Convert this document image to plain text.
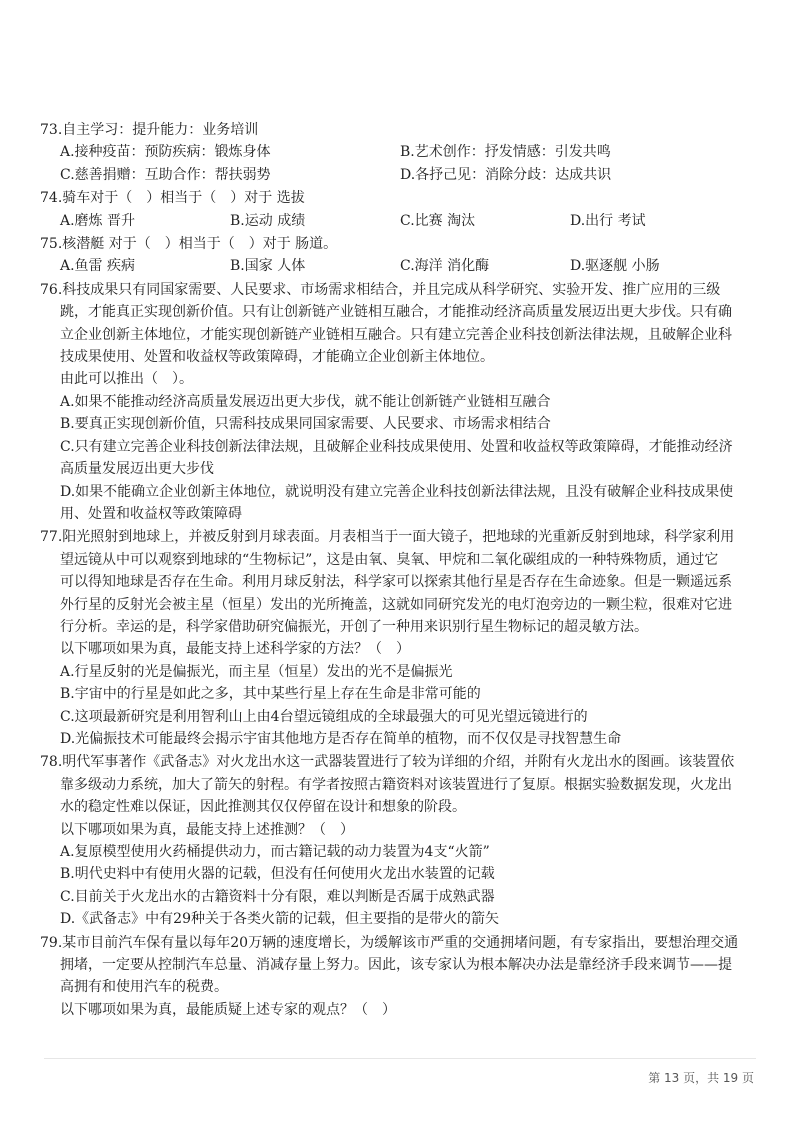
73.自主学习：提升能力：业务培训
A.接种疫苗：预防疾病：锻炼身体	B.艺术创作：抒发情感：引发共鸣
C.慈善捐赠：互助合作：帮扶弱势	D.各抒己见：消除分歧：达成共识
74.骑车对于（　）相当于（　）对于 选拔
A.磨炼 晋升	B.运动 成绩	C.比赛 淘汰	D.出行 考试
75.核潜艇 对于（　）相当于（　）对于 肠道。
A.鱼雷 疾病	B.国家 人体	C.海洋 消化酶	D.驱逐舰 小肠
76.科技成果只有同国家需要、人民要求、市场需求相结合，并且完成从科学研究、实验开发、推广应用的三级
跳，才能真正实现创新价值。只有让创新链产业链相互融合，才能推动经济高质量发展迈出更大步伐。只有确
立企业创新主体地位，才能实现创新链产业链相互融合。只有建立完善企业科技创新法律法规，且破解企业科
技成果使用、处置和收益权等政策障碍，才能确立企业创新主体地位。
由此可以推出（　）。
A.如果不能推动经济高质量发展迈出更大步伐，就不能让创新链产业链相互融合
B.要真正实现创新价值，只需科技成果同国家需要、人民要求、市场需求相结合
C.只有建立完善企业科技创新法律法规，且破解企业科技成果使用、处置和收益权等政策障碍，才能推动经济
高质量发展迈出更大步伐
D.如果不能确立企业创新主体地位，就说明没有建立完善企业科技创新法律法规，且没有破解企业科技成果使
用、处置和收益权等政策障碍
77.阳光照射到地球上，并被反射到月球表面。月表相当于一面大镜子，把地球的光重新反射到地球，科学家利用
望远镜从中可以观察到地球的“生物标记”，这是由氧、臭氧、甲烷和二氧化碳组成的一种特殊物质，通过它
可以得知地球是否存在生命。利用月球反射法，科学家可以探索其他行星是否存在生命迹象。但是一颗遥远系
外行星的反射光会被主星（恒星）发出的光所掩盖，这就如同研究发光的电灯泡旁边的一颗尘粒，很难对它进
行分析。幸运的是，科学家借助研究偏振光，开创了一种用来识别行星生物标记的超灵敏方法。
以下哪项如果为真，最能支持上述科学家的方法？（　）
A.行星反射的光是偏振光，而主星（恒星）发出的光不是偏振光
B.宇宙中的行星是如此之多，其中某些行星上存在生命是非常可能的
C.这项最新研究是利用智利山上由4台望远镜组成的全球最强大的可见光望远镜进行的
D.光偏振技术可能最终会揭示宇宙其他地方是否存在简单的植物，而不仅仅是寻找智慧生命
78.明代军事著作《武备志》对火龙出水这一武器装置进行了较为详细的介绍，并附有火龙出水的图画。该装置依
靠多级动力系统，加大了箭矢的射程。有学者按照古籍资料对该装置进行了复原。根据实验数据发现，火龙出
水的稳定性难以保证，因此推测其仅仅停留在设计和想象的阶段。
以下哪项如果为真，最能支持上述推测？（　）
A.复原模型使用火药桶提供动力，而古籍记载的动力装置为4支“火箭”
B.明代史料中有使用火器的记载，但没有任何使用火龙出水装置的记载
C.目前关于火龙出水的古籍资料十分有限，难以判断是否属于成熟武器
D.《武备志》中有29种关于各类火箭的记载，但主要指的是带火的箭矢
79.某市目前汽车保有量以每年20万辆的速度增长，为缓解该市严重的交通拥堵问题，有专家指出，要想治理交通
拥堵，一定要从控制汽车总量、消减存量上努力。因此，该专家认为根本解决办法是靠经济手段来调节——提
高拥有和使用汽车的税费。
以下哪项如果为真，最能质疑上述专家的观点？（　）
第 13 页，共 19 页
